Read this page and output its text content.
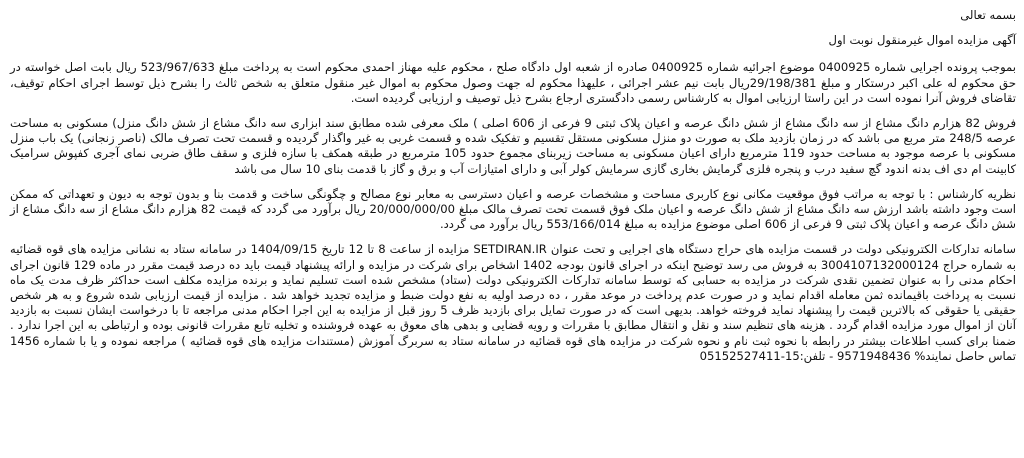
بسمه تعالی
آگهی مزایده اموال غیرمنقول نوبت اول

بموجب پرونده اجرایی شماره 0400925 موضوع اجرائیه شماره 0400925 صادره از شعبه اول دادگاه صلح ، محکوم علیه مهناز احمدی محکوم است به پرداخت مبلغ 523/967/633 ریال بابت اصل خواسته در حق محکوم له علی اکبر درستکار و مبلغ 29/198/381ریال بابت نیم عشر اجرائی ، علیهذا محکوم له جهت وصول محکوم به اموال غیر منقول متعلق به شخص ثالث را بشرح ذیل توسط اجرای احکام توقیف، تقاضای فروش آنرا نموده است در این راستا ارزیابی اموال به کارشناس رسمی دادگستری ارجاع بشرح ذیل توصیف و ارزیابی گردیده است.

فروش 82 هزارم دانگ مشاع از سه دانگ مشاع از شش دانگ عرصه و اعیان پلاک ثبتی 9 فرعی از 606 اصلی ) ملک معرفی شده مطابق سند ابزاری سه دانگ مشاع از شش دانگ منزل) مسکونی به مساحت عرصه 248/5 متر مربع می باشد که در زمان بازدید ملک به صورت دو منزل مسکونی مستقل تقسیم و تفکیک شده و قسمت غربی به غیر واگذار گردیده و قسمت تحت تصرف مالک (ناصر زنجانی) یک باب منزل مسکونی با عرصه موجود به مساحت حدود 119 مترمربع دارای اعیان مسکونی به مساحت زیربنای مجموع حدود 105 مترمربع در طبقه همکف با سازه فلزی و سقف طاق ضربی نمای آجری کفپوش سرامیک کابینت ام دی اف بدنه اندود گچ سفید درب و پنجره فلزی گرمایش بخاری گازی سرمایش کولر آبی و دارای امتیازات آب و برق و گاز با قدمت بنای 10 سال می باشد

نظریه کارشناس : با توجه به مراتب فوق موقعیت مکانی نوع کاربری مساحت و مشخصات عرصه و اعیان دسترسی به معابر نوع مصالح و چگونگی ساخت و قدمت بنا و بدون توجه به دیون و تعهداتی که ممکن است وجود داشته باشد ارزش سه دانگ مشاع از شش دانگ عرصه و اعیان ملک فوق قسمت تحت تصرف مالک مبلغ 20/000/000/00 ریال برآورد می گردد که قیمت 82 هزارم دانگ مشاع از سه دانگ مشاع از شش دانگ عرصه و اعیان پلاک ثبتی 9 فرعی از 606 اصلی موضوع مزایده به مبلغ 553/166/014 ریال برآورد می گردد.

سامانه تدارکات الکترونیکی دولت در قسمت مزایده های حراج دستگاه های اجرایی و تحت عنوان SETDIRAN.IR مزایده از ساعت 8 تا 12 تاریخ 1404/09/15 در سامانه ستاد به نشانی مزایده های قوه قضائیه به شماره حراج 3004107132000124 به فروش می رسد توضیح اینکه در اجرای قانون بودجه 1402 اشخاص برای شرکت در مزایده و ارائه پیشنهاد قیمت باید ده درصد قیمت مقرر در ماده 129 قانون اجرای احکام مدنی را به عنوان تضمین نقدی شرکت در مزایده به حسابی که توسط سامانه تدارکات الکترونیکی دولت (ستاد) مشخص شده است تسلیم نماید و برنده مزایده مکلف است حداکثر ظرف مدت یک ماه نسبت به پرداخت باقیمانده ثمن معامله اقدام نماید و در صورت عدم پرداخت در موعد مقرر ، ده درصد اولیه به نفع دولت ضبط و مزایده تجدید خواهد شد . مزایده از قیمت ارزیابی شده شروع و به هر شخص حقیقی یا حقوقی که بالاترین قیمت را پیشنهاد نماید فروخته خواهد. بدیهی است که در صورت تمایل برای بازدید ظرف 5 روز قبل از مزایده به این اجرا احکام مدنی مراجعه تا با درخواست ایشان نسبت به بازدید آنان از اموال مورد مزایده اقدام گردد . هزینه های تنظیم سند و نقل و انتقال مطابق با مقررات و رویه قضایی و بدهی های معوق به عهده فروشنده و تخلیه تابع مقررات قانونی بوده و ارتباطی به این اجرا ندارد . ضمنا برای کسب اطلاعات بیشتر در رابطه با نحوه ثبت نام و نحوه شرکت در مزایده های قوه قضائیه در سامانه ستاد به سربرگ آموزش (مستندات مزایده های قوه قضائیه ) مراجعه نموده و یا با شماره 1456 تماس حاصل نمایند% 9571948436 - تلفن:15-05152527411
